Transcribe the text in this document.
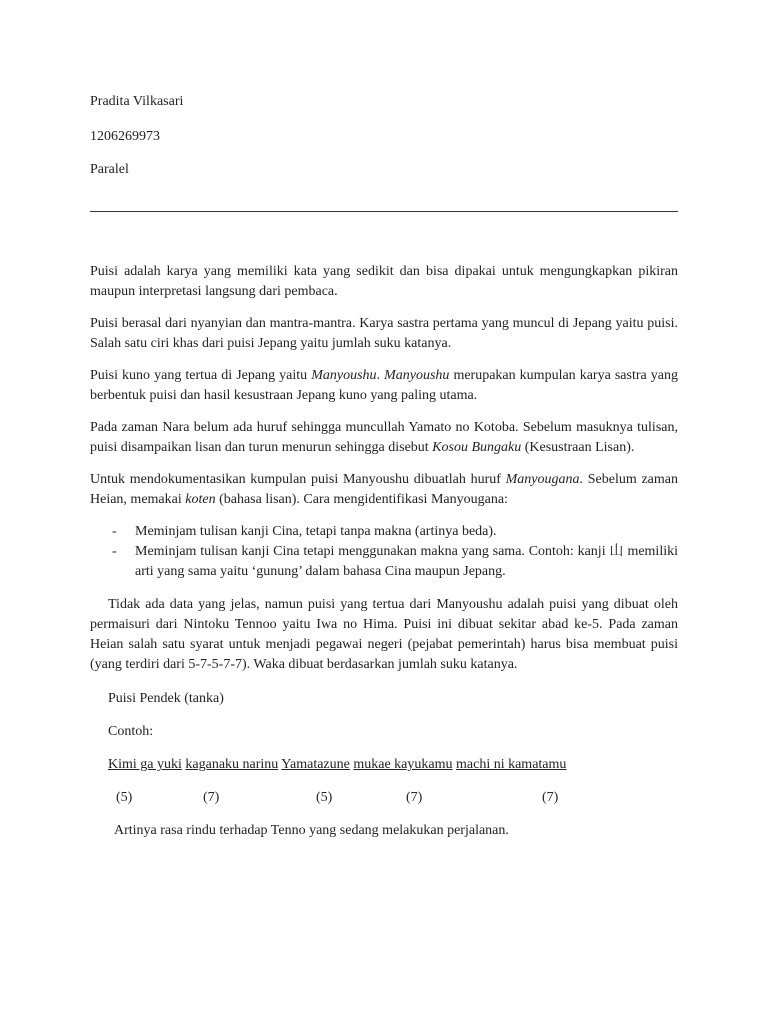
Pradita Vilkasari

1206269973

Paralel

Puisi adalah karya yang memiliki kata yang sedikit dan bisa dipakai untuk mengungkapkan pikiran maupun interpretasi langsung dari pembaca.

Puisi berasal dari nyanyian dan mantra-mantra. Karya sastra pertama yang muncul di Jepang yaitu puisi. Salah satu ciri khas dari puisi Jepang yaitu jumlah suku katanya.

Puisi kuno yang tertua di Jepang yaitu Manyoushu. Manyoushu merupakan kumpulan karya sastra yang berbentuk puisi dan hasil kesustraan Jepang kuno yang paling utama.

Pada zaman Nara belum ada huruf sehingga muncullah Yamato no Kotoba. Sebelum masuknya tulisan, puisi disampaikan lisan dan turun menurun sehingga disebut Kosou Bungaku (Kesustraan Lisan).

Untuk mendokumentasikan kumpulan puisi Manyoushu dibuatlah huruf Manyougana. Sebelum zaman Heian, memakai koten (bahasa lisan). Cara mengidentifikasi Manyougana:

- Meminjam tulisan kanji Cina, tetapi tanpa makna (artinya beda).
- Meminjam tulisan kanji Cina tetapi menggunakan makna yang sama. Contoh: kanji 山 memiliki arti yang sama yaitu ‘gunung’ dalam bahasa Cina maupun Jepang.

Tidak ada data yang jelas, namun puisi yang tertua dari Manyoushu adalah puisi yang dibuat oleh permaisuri dari Nintoku Tennoo yaitu Iwa no Hima. Puisi ini dibuat sekitar abad ke-5. Pada zaman Heian salah satu syarat untuk menjadi pegawai negeri (pejabat pemerintah) harus bisa membuat puisi (yang terdiri dari 5-7-5-7-7). Waka dibuat berdasarkan jumlah suku katanya.

Puisi Pendek (tanka)

Contoh:

Kimi ga yuki kaganaku narinu Yamatazune mukae kayukamu machi ni kamatamu

(5)	(7)	(5)	(7)	(7)

Artinya rasa rindu terhadap Tenno yang sedang melakukan perjalanan.
